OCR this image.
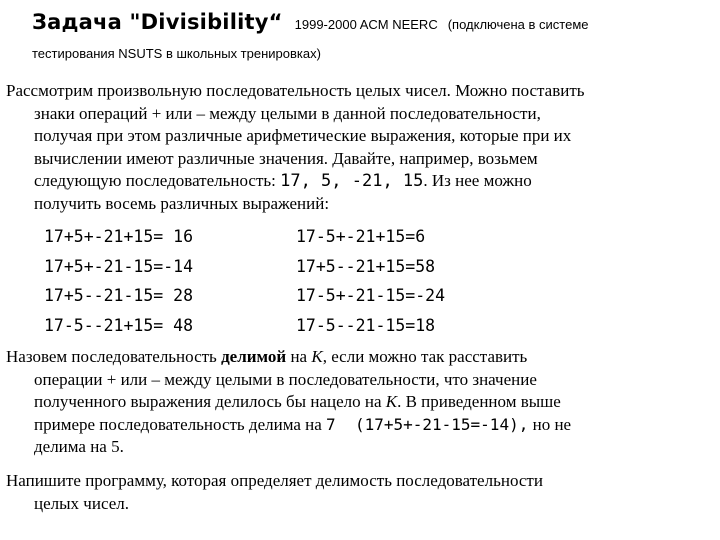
Задача "Divisibility“ 1999-2000 ACM NEERC (подключена в системе
тестирования NSUTS в школьных тренировках)
Рассмотрим произвольную последовательность целых чисел. Можно поставить
знаки операций + или – между целыми в данной последовательности,
получая при этом различные арифметические выражения, которые при их
вычислении имеют различные значения. Давайте, например, возьмем
следующую последовательность: 17, 5, -21, 15. Из нее можно
получить восемь различных выражений:
17+5+-21+15= 16	17-5+-21+15=6
17+5+-21-15=-14	17+5--21+15=58
17+5--21-15= 28	17-5+-21-15=-24
17-5--21+15= 48	17-5--21-15=18
Назовем последовательность делимой на K, если можно так расставить
операции + или – между целыми в последовательности, что значение
полученного выражения делилось бы нацело на K. В приведенном выше
примере последовательность делима на 7  (17+5+-21-15=-14), но не
делима на 5.
Напишите программу, которая определяет делимость последовательности
целых чисел.
